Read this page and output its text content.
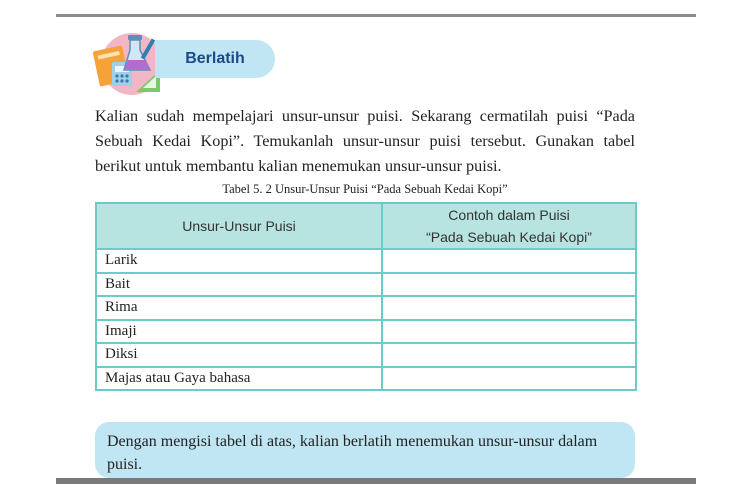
Berlatih
Kalian sudah mempelajari unsur-unsur puisi. Sekarang cermatilah puisi “Pada Sebuah Kedai Kopi”. Temukanlah unsur-unsur puisi tersebut. Gunakan tabel berikut untuk membantu kalian menemukan unsur-unsur puisi.
Tabel 5. 2 Unsur-Unsur Puisi “Pada Sebuah Kedai Kopi”
Unsur-Unsur Puisi	Contoh dalam Puisi
“Pada Sebuah Kedai Kopi”

Larik	
Bait	
Rima	
Imaji	
Diksi	
Majas atau Gaya bahasa	
Dengan mengisi tabel di atas, kalian berlatih menemukan unsur-unsur dalam puisi.
